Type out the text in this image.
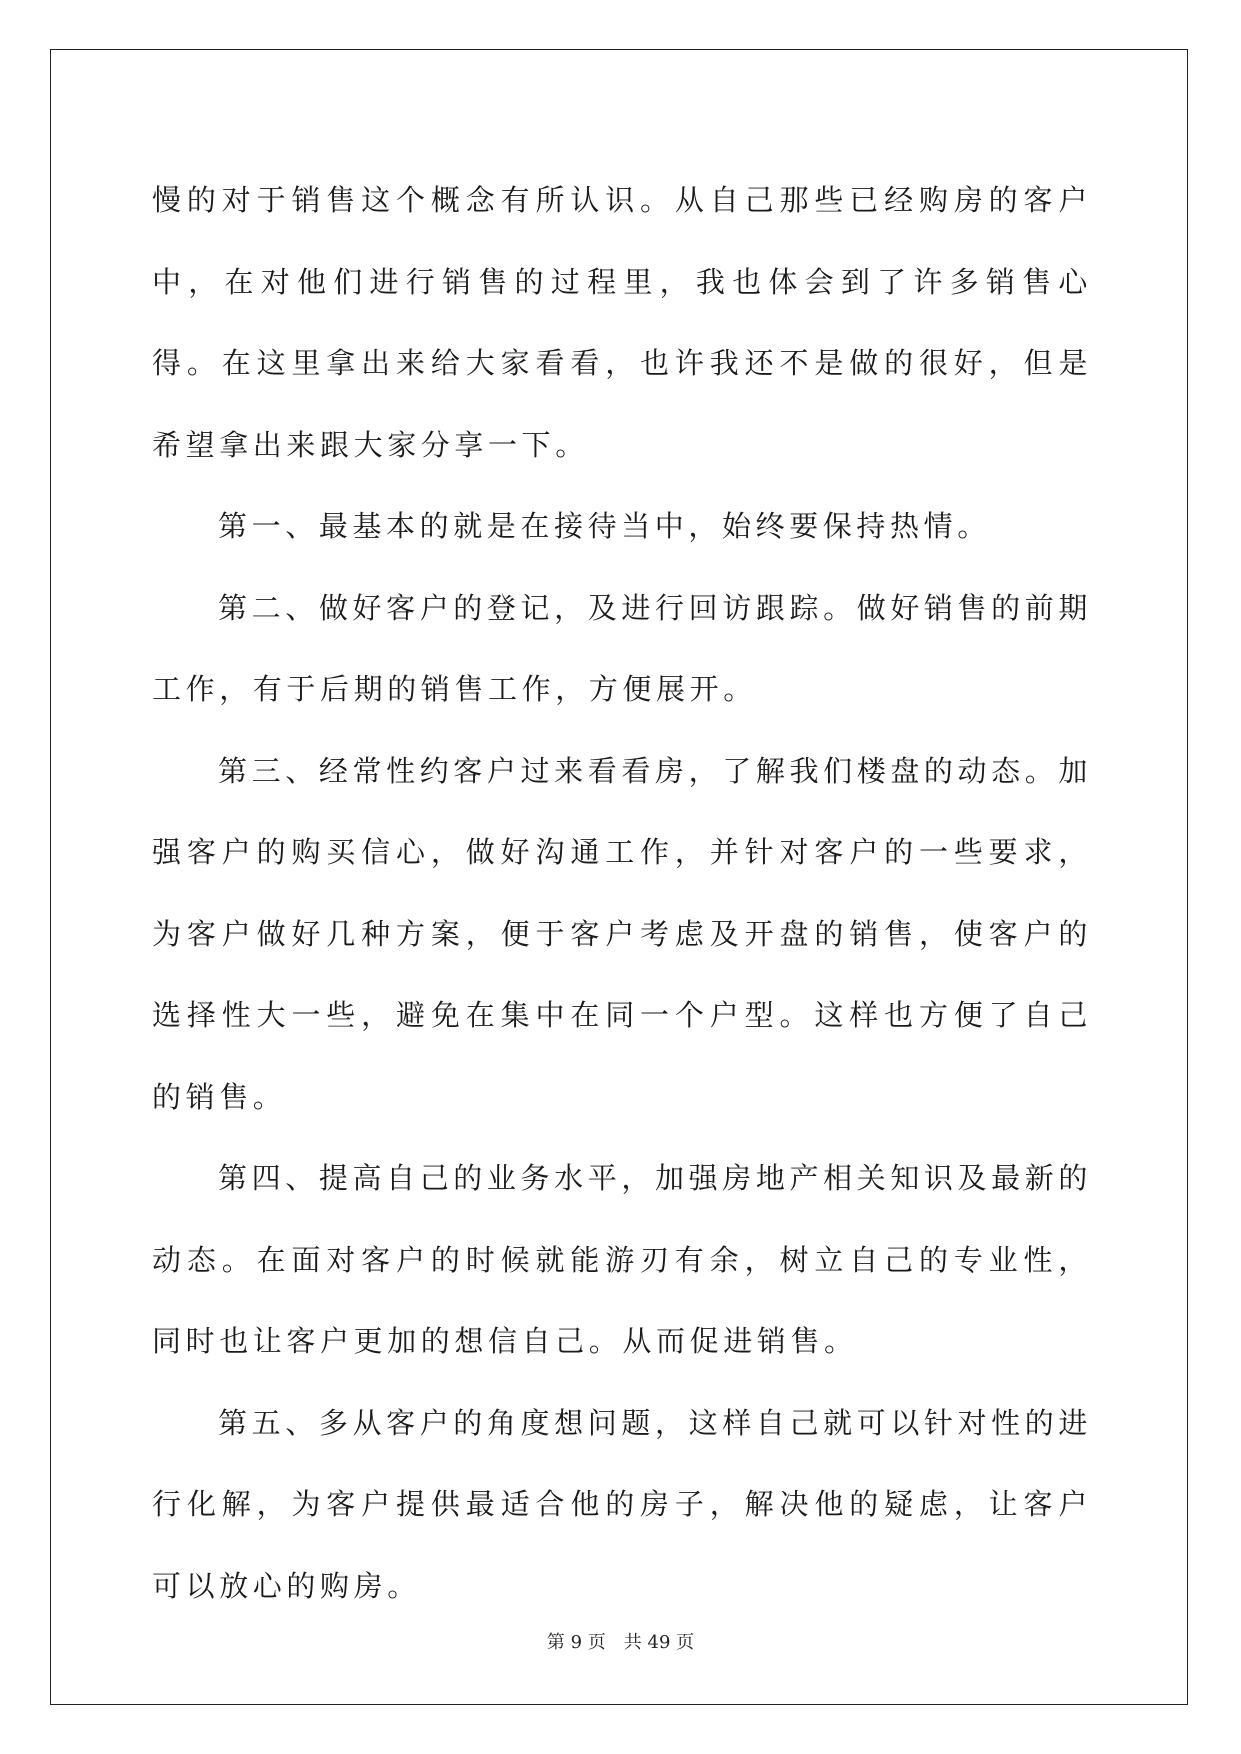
慢的对于销售这个概念有所认识。从自己那些已经购房的客户中，在对他们进行销售的过程里，我也体会到了许多销售心得。在这里拿出来给大家看看，也许我还不是做的很好，但是希望拿出来跟大家分享一下。

第一、最基本的就是在接待当中，始终要保持热情。

第二、做好客户的登记，及进行回访跟踪。做好销售的前期工作，有于后期的销售工作，方便展开。

第三、经常性约客户过来看看房，了解我们楼盘的动态。加强客户的购买信心，做好沟通工作，并针对客户的一些要求，为客户做好几种方案，便于客户考虑及开盘的销售，使客户的选择性大一些，避免在集中在同一个户型。这样也方便了自己的销售。

第四、提高自己的业务水平，加强房地产相关知识及最新的动态。在面对客户的时候就能游刃有余，树立自己的专业性，同时也让客户更加的想信自己。从而促进销售。

第五、多从客户的角度想问题，这样自己就可以针对性的进行化解，为客户提供最适合他的房子，解决他的疑虑，让客户可以放心的购房。

第 9 页 共 49 页
